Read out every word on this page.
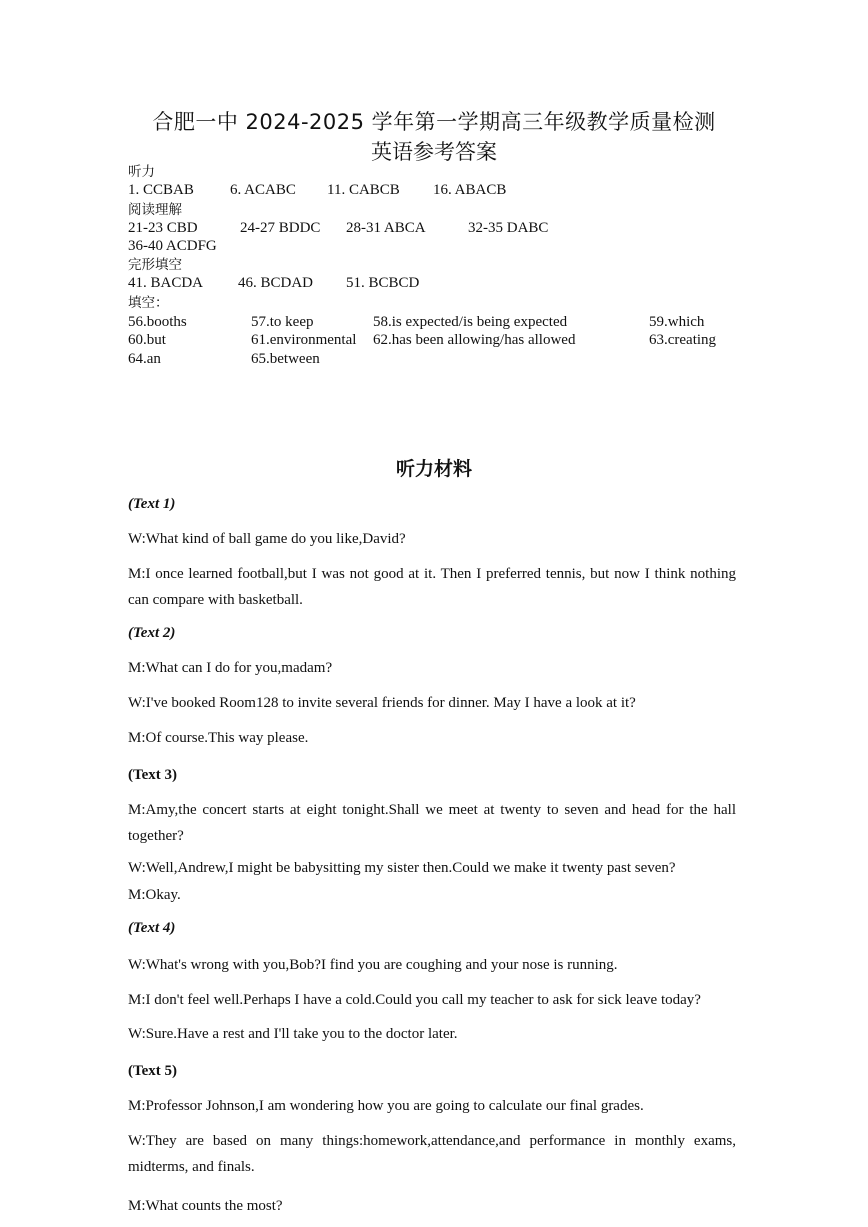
合肥一中 2024-2025 学年第一学期高三年级教学质量检测
英语参考答案
听力
1. CCBAB 6. ACABC 11. CABCB 16. ABACB
阅读理解
21-23 CBD	24-27 BDDC 28-31 ABCA	32-35 DABC
36-40 ACDFG
完形填空
41. BACDA 46. BCDAD 51. BCBCD
填空：
56.booths	57.to keep	58.is expected/is being expected	59.which
60.but	61.environmental 62.has been allowing/has allowed	63.creating
64.an	65.between
听力材料
(Text 1)
W:What kind of ball game do you like,David?
M:I once learned football,but I was not good at it. Then I preferred tennis, but now I think nothing can compare with basketball.
(Text 2)
M:What can I do for you,madam?
W:I've booked Room128 to invite several friends for dinner. May I have a look at it?
M:Of course.This way please.
(Text 3)
M:Amy,the concert starts at eight tonight.Shall we meet at twenty to seven and head for the hall together?
W:Well,Andrew,I might be babysitting my sister then.Could we make it twenty past seven?
M:Okay.
(Text 4)
W:What's wrong with you,Bob?I find you are coughing and your nose is running.
M:I don't feel well.Perhaps I have a cold.Could you call my teacher to ask for sick leave today?
W:Sure.Have a rest and I'll take you to the doctor later.
(Text 5)
M:Professor Johnson,I am wondering how you are going to calculate our final grades.
W:They are based on many things:homework,attendance,and performance in monthly exams, midterms, and finals.
M:What counts the most?
